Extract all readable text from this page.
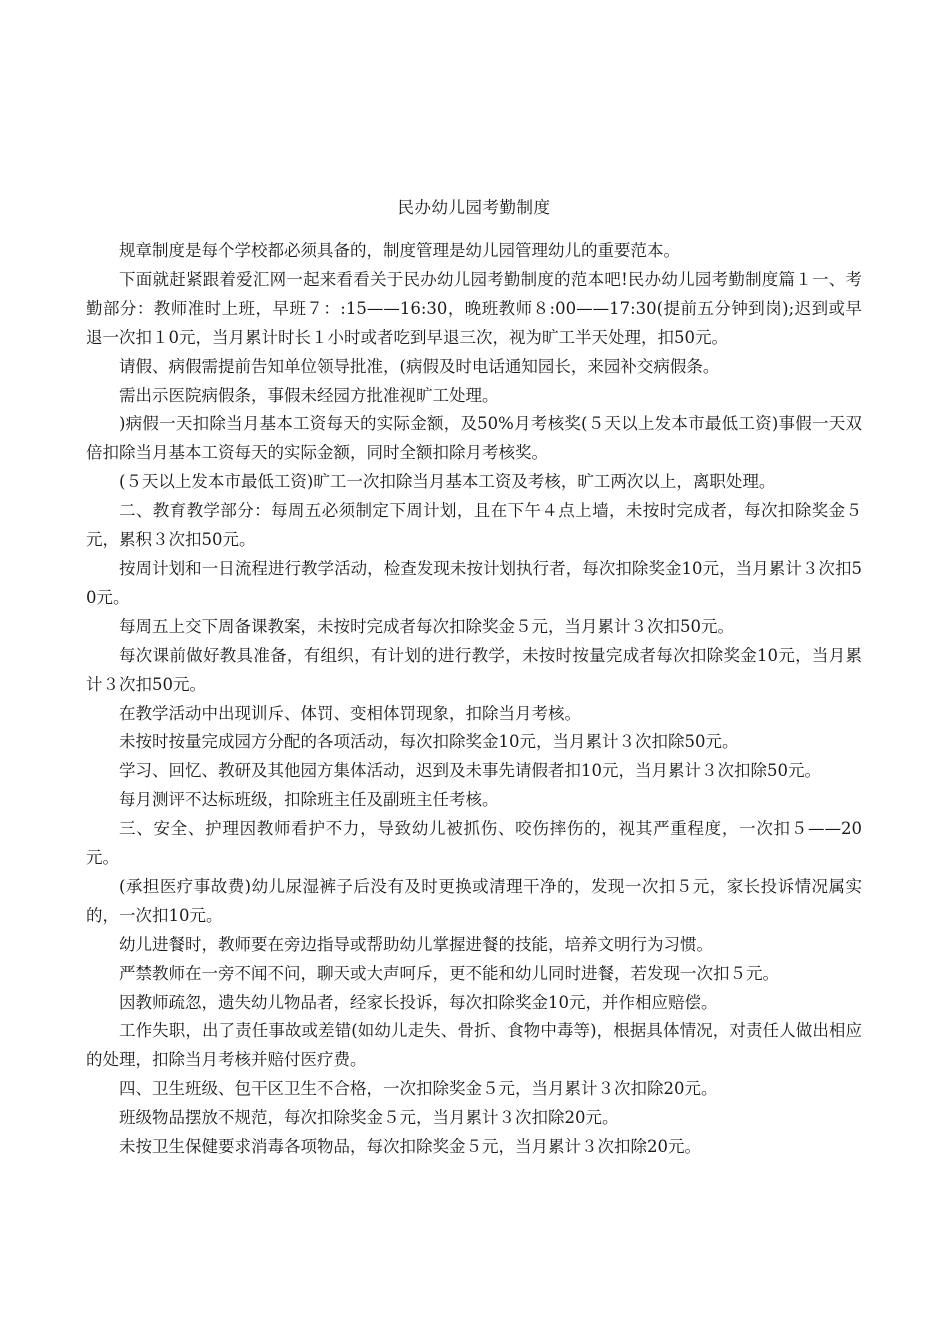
民办幼儿园考勤制度

规章制度是每个学校都必须具备的，制度管理是幼儿园管理幼儿的重要范本。

下面就赶紧跟着爱汇网一起来看看关于民办幼儿园考勤制度的范本吧!民办幼儿园考勤制度篇１一、考勤部分：教师准时上班，早班７：:15——16:30，晚班教师８:00——17:30(提前五分钟到岗);迟到或早退一次扣１0元，当月累计时长１小时或者吃到早退三次，视为旷工半天处理，扣50元。

请假、病假需提前告知单位领导批准，(病假及时电话通知园长，来园补交病假条。

需出示医院病假条，事假未经园方批准视旷工处理。

)病假一天扣除当月基本工资每天的实际金额，及50%月考核奖(５天以上发本市最低工资)事假一天双倍扣除当月基本工资每天的实际金额，同时全额扣除月考核奖。

(５天以上发本市最低工资)旷工一次扣除当月基本工资及考核，旷工两次以上，离职处理。

二、教育教学部分：每周五必须制定下周计划，且在下午４点上墙，未按时完成者，每次扣除奖金５元，累积３次扣50元。

按周计划和一日流程进行教学活动，检查发现未按计划执行者，每次扣除奖金10元，当月累计３次扣50元。

每周五上交下周备课教案，未按时完成者每次扣除奖金５元，当月累计３次扣50元。

每次课前做好教具准备，有组织，有计划的进行教学，未按时按量完成者每次扣除奖金10元，当月累计３次扣50元。

在教学活动中出现训斥、体罚、变相体罚现象，扣除当月考核。

未按时按量完成园方分配的各项活动，每次扣除奖金10元，当月累计３次扣除50元。

学习、回忆、教研及其他园方集体活动，迟到及未事先请假者扣10元，当月累计３次扣除50元。

每月测评不达标班级，扣除班主任及副班主任考核。

三、安全、护理因教师看护不力，导致幼儿被抓伤、咬伤摔伤的，视其严重程度，一次扣５——20元。

(承担医疗事故费)幼儿尿湿裤子后没有及时更换或清理干净的，发现一次扣５元，家长投诉情况属实的，一次扣10元。

幼儿进餐时，教师要在旁边指导或帮助幼儿掌握进餐的技能，培养文明行为习惯。

严禁教师在一旁不闻不问，聊天或大声呵斥，更不能和幼儿同时进餐，若发现一次扣５元。

因教师疏忽，遗失幼儿物品者，经家长投诉，每次扣除奖金10元，并作相应赔偿。

工作失职，出了责任事故或差错(如幼儿走失、骨折、食物中毒等)，根据具体情况，对责任人做出相应的处理，扣除当月考核并赔付医疗费。

四、卫生班级、包干区卫生不合格，一次扣除奖金５元，当月累计３次扣除20元。

班级物品摆放不规范，每次扣除奖金５元，当月累计３次扣除20元。

未按卫生保健要求消毒各项物品，每次扣除奖金５元，当月累计３次扣除20元。
